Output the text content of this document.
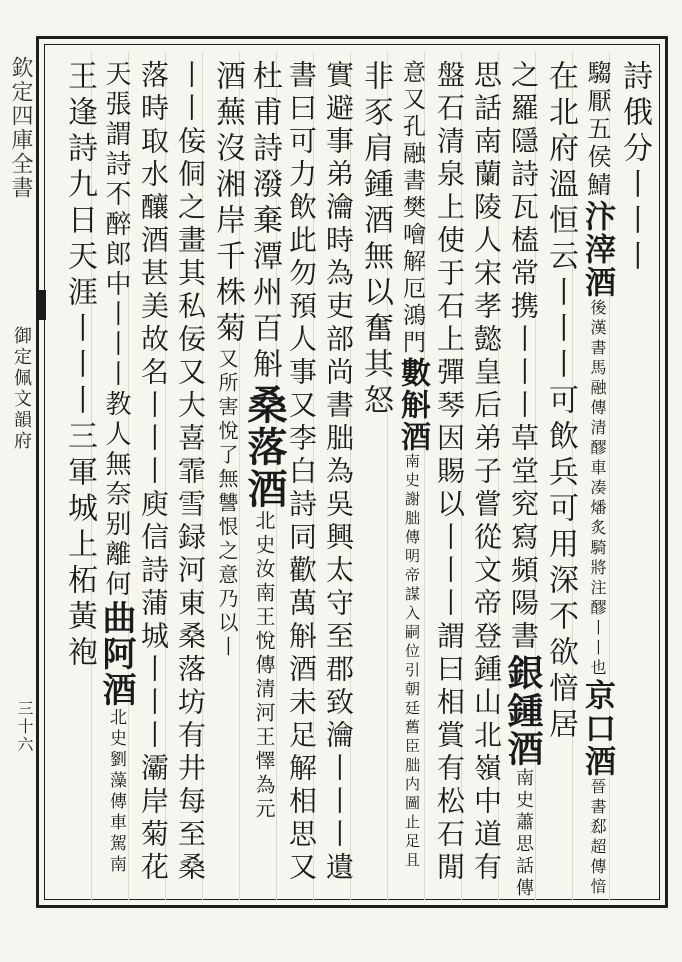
欽定四庫全書
御定佩文韻府
三十六
詩俄分丨丨丨
騶厭五侯鯖汴滓酒後漢書馬融傳清醪車凑燔炙騎將注醪丨丨也京口酒晉書郄超傳愔
在北府溫恒云丨丨丨可飲兵可用深不欲愔居
之羅隱詩瓦榼常携丨丨丨草堂䆓寫頻陽書銀鍾酒南史蕭思話傳
思話南蘭陵人宋孝懿皇后弟子嘗從文帝登鍾山北嶺中道有
盤石清泉上使于石上彈琴因賜以丨丨丨謂曰相賞有松石閒
意又孔融書樊噲解厄鴻門數斛酒南史謝朏傳明帝謀入嗣位引朝廷舊臣朏内圖止足且
非豕肩鍾酒無以奮其怒
實避事弟瀹時為吏部尚書朏為吳興太守至郡致瀹丨丨丨遺
書曰可力飲此勿預人事又李白詩同歡萬斛酒未足解相思又
杜甫詩潑棄潭州百斛桑落酒北史汝南王悅傳清河王懌為元
酒蕪沒湘岸千株菊又所害悅了無讐恨之意乃以丨
丨丨侫侗之畫其私佞又大喜霏雪録河東桑落坊有井每至桑
落時取水釀酒甚美故名丨丨丨庾信詩蒲城丨丨丨灞岸菊花
天張謂詩不醉郎中丨丨丨教人無奈别離何曲阿酒北史劉藻傳車駕南
王逢詩九日天涯丨丨丨三軍城上柘黃袍
